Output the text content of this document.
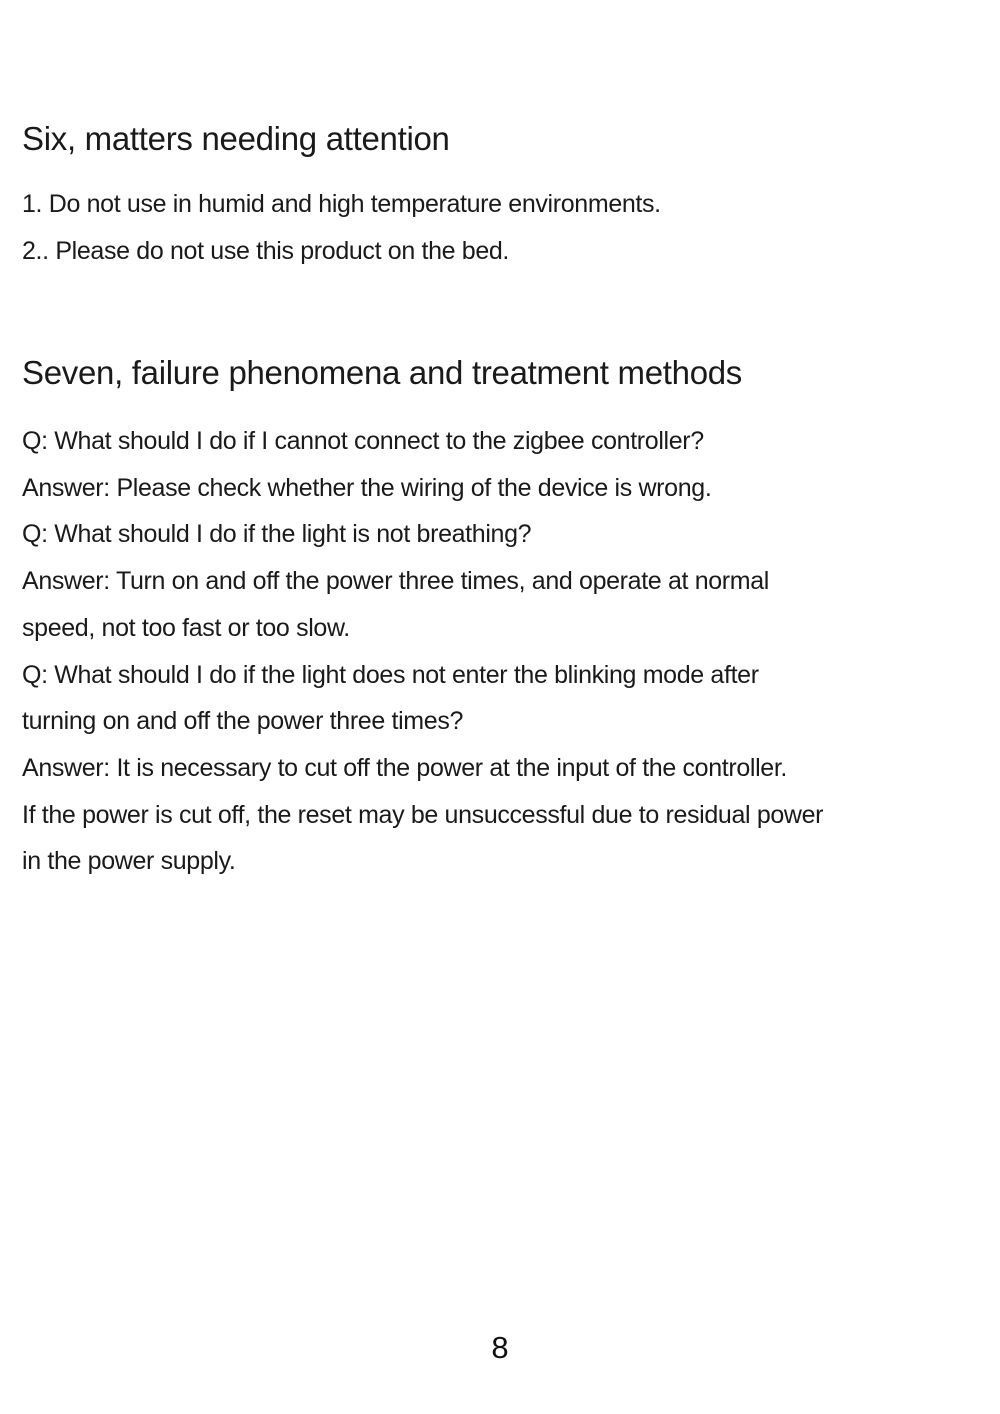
Six, matters needing attention
1. Do not use in humid and high temperature environments.
2.. Please do not use this product on the bed.
Seven, failure phenomena and treatment methods
Q: What should I do if I cannot connect to the zigbee controller?
Answer: Please check whether the wiring of the device is wrong.
Q: What should I do if the light is not breathing?
Answer: Turn on and off the power three times, and operate at normal
speed, not too fast or too slow.
Q: What should I do if the light does not enter the blinking mode after
turning on and off the power three times?
Answer: It is necessary to cut off the power at the input of the controller.
If the power is cut off, the reset may be unsuccessful due to residual power
in the power supply.
8
